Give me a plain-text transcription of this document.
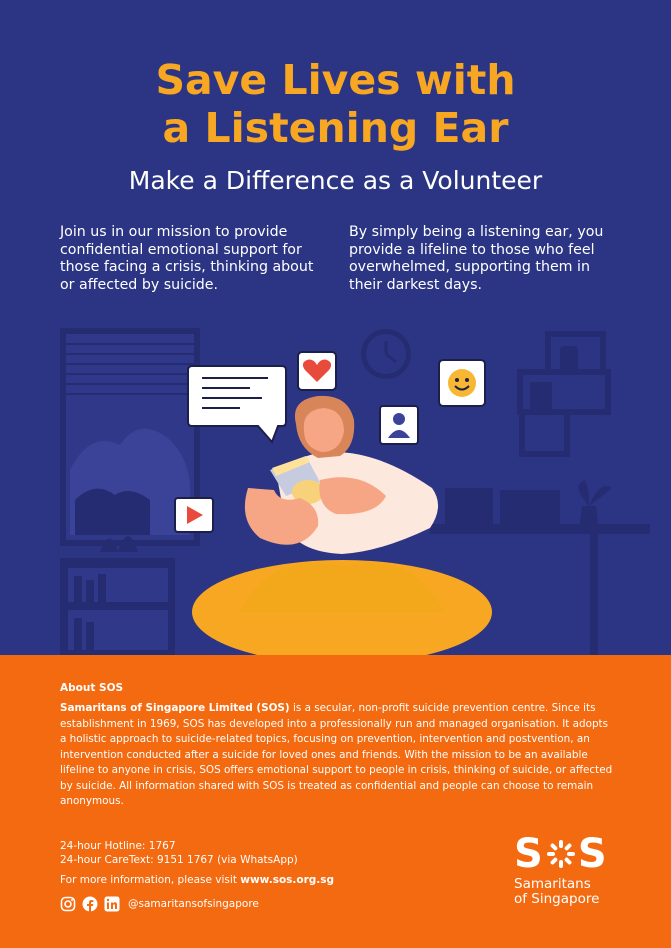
Save Lives with
a Listening Ear
Make a Difference as a Volunteer
Join us in our mission to provide confidential emotional support for those facing a crisis, thinking about or affected by suicide.
By simply being a listening ear, you provide a lifeline to those who feel overwhelmed, supporting them in their darkest days.
About SOS
Samaritans of Singapore Limited (SOS) is a secular, non-profit suicide prevention centre. Since its establishment in 1969, SOS has developed into a professionally run and managed organisation. It adopts a holistic approach to suicide-related topics, focusing on prevention, intervention and postvention, an intervention conducted after a suicide for loved ones and friends. With the mission to be an available lifeline to anyone in crisis, SOS offers emotional support to people in crisis, thinking of suicide, or affected by suicide. All information shared with SOS is treated as confidential and people can choose to remain anonymous.
24-hour Hotline: 1767
24-hour CareText: 9151 1767 (via WhatsApp)
For more information, please visit www.sos.org.sg
@samaritansofsingapore
S S
Samaritans
of Singapore
